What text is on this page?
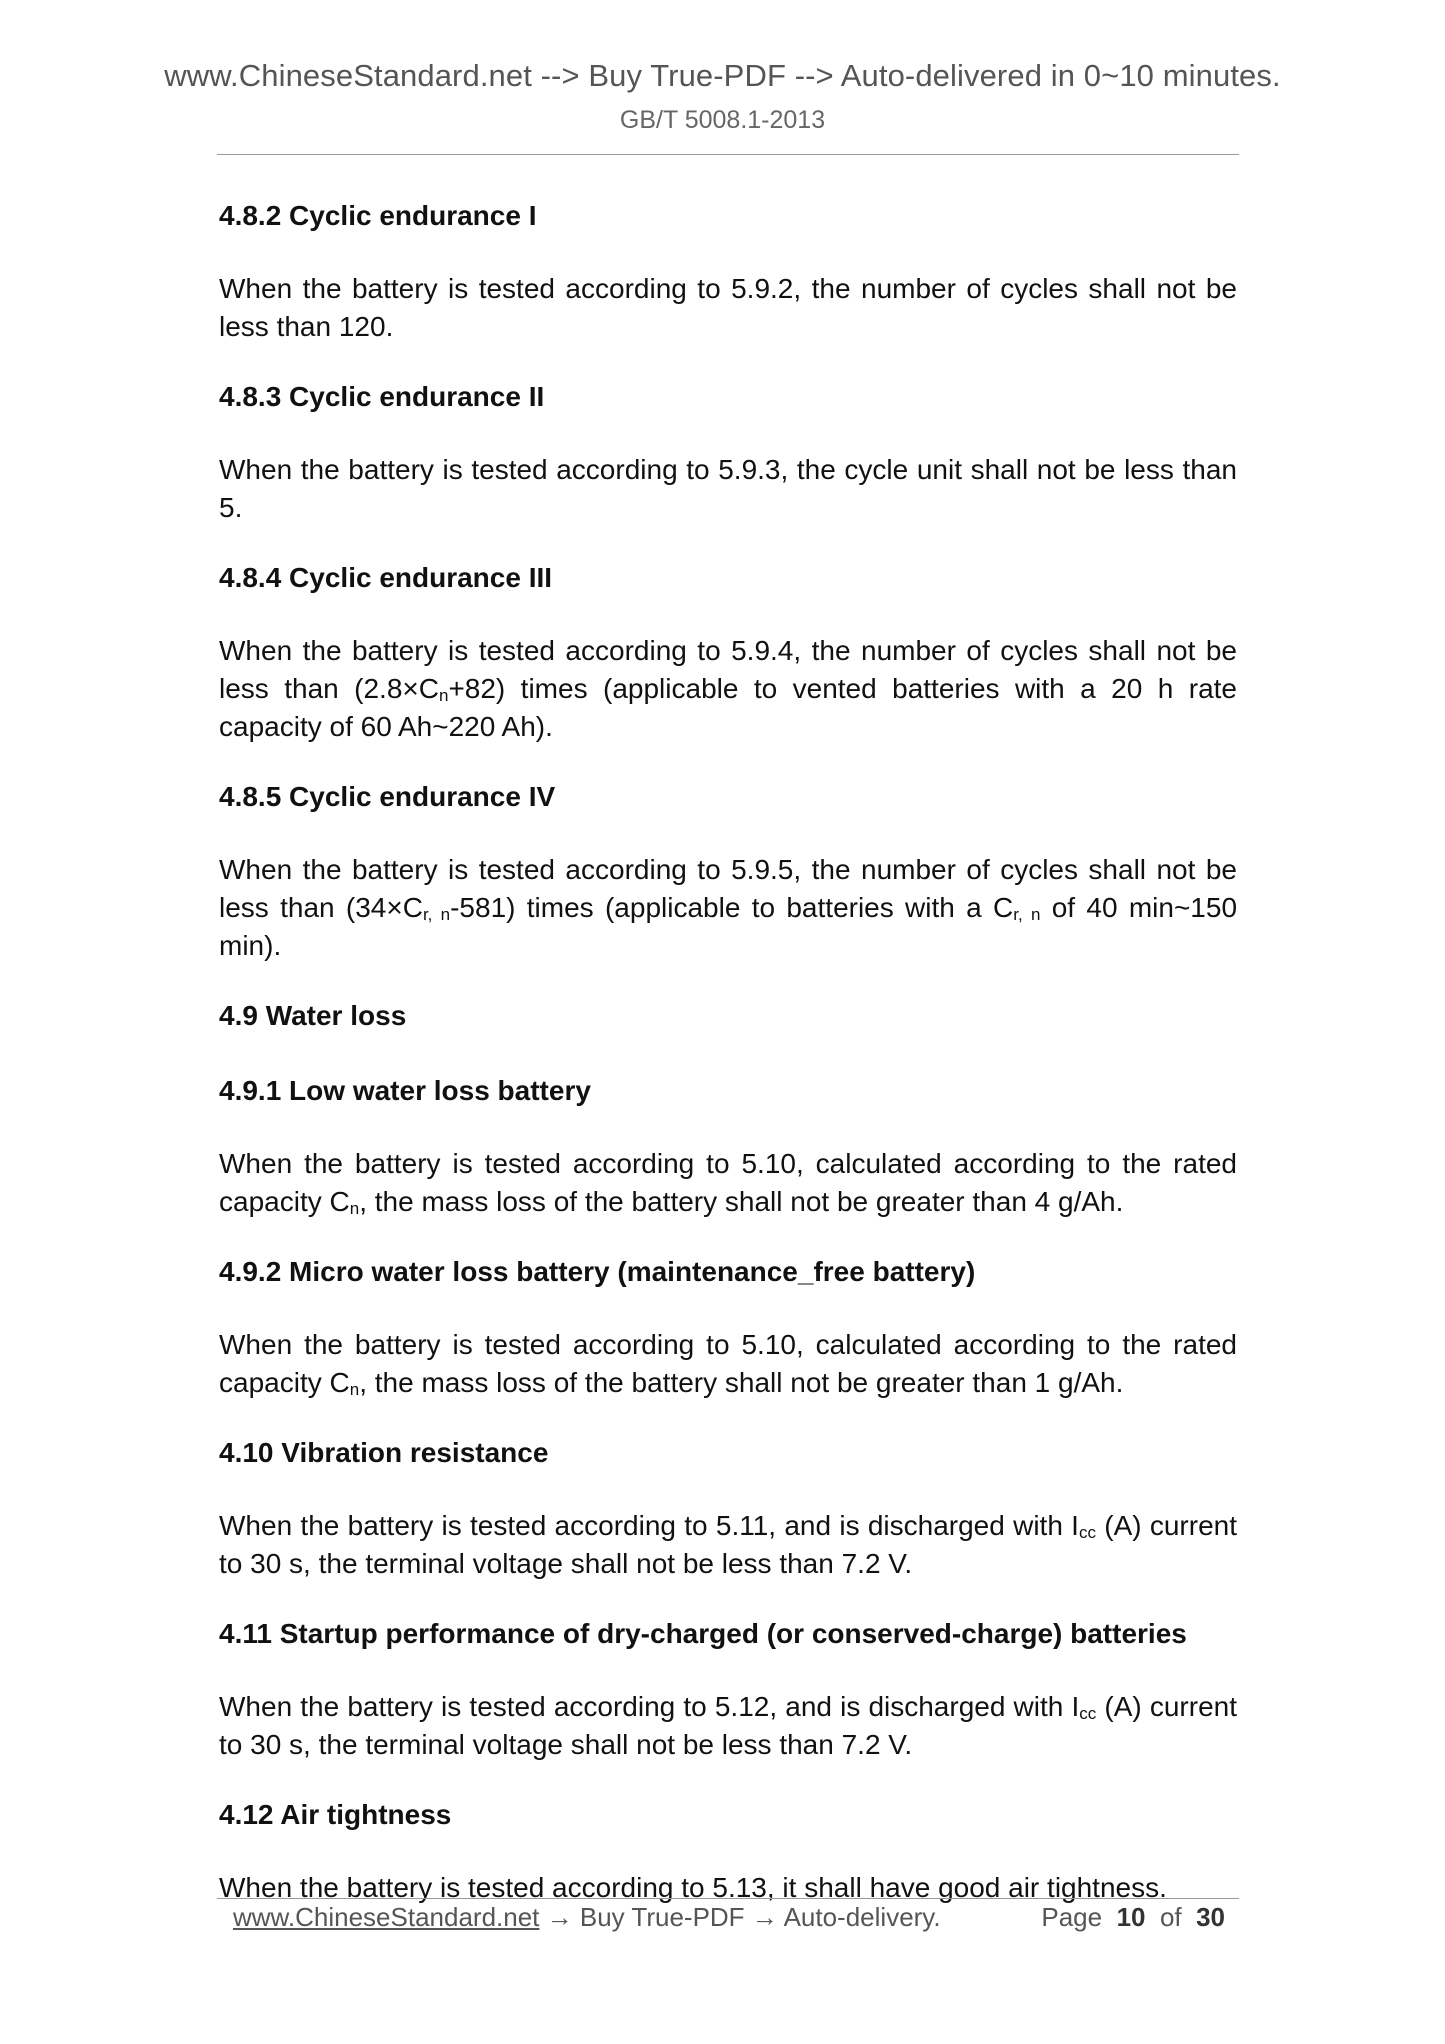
www.ChineseStandard.net --> Buy True-PDF --> Auto-delivered in 0~10 minutes.
GB/T 5008.1-2013
4.8.2 Cyclic endurance I

When the battery is tested according to 5.9.2, the number of cycles shall not be less than 120.

4.8.3 Cyclic endurance II

When the battery is tested according to 5.9.3, the cycle unit shall not be less than 5.

4.8.4 Cyclic endurance III

When the battery is tested according to 5.9.4, the number of cycles shall not be less than $(2.8\times C_n+82)$ times (applicable to vented batteries with a 20 h rate capacity of 60 Ah~220 Ah).

4.8.5 Cyclic endurance IV

When the battery is tested according to 5.9.5, the number of cycles shall not be less than $(34\times C_{r, n}-581)$ times (applicable to batteries with a $C_{r, n}$ of 40 min~150 min).

4.9 Water loss
4.9.1 Low water loss battery

When the battery is tested according to 5.10, calculated according to the rated capacity $C_n$, the mass loss of the battery shall not be greater than 4 g/Ah.

4.9.2 Micro water loss battery (maintenance_free battery)

When the battery is tested according to 5.10, calculated according to the rated capacity $C_n$, the mass loss of the battery shall not be greater than 1 g/Ah.

4.10 Vibration resistance

When the battery is tested according to 5.11, and is discharged with $I_{cc}$ (A) current to 30 s, the terminal voltage shall not be less than 7.2 V.

4.11 Startup performance of dry-charged (or conserved-charge) batteries

When the battery is tested according to 5.12, and is discharged with $I_{cc}$ (A) current to 30 s, the terminal voltage shall not be less than 7.2 V.

4.12 Air tightness

When the battery is tested according to 5.13, it shall have good air tightness.

www.ChineseStandard.net → Buy True-PDF → Auto-delivery.	Page 10 of 30
